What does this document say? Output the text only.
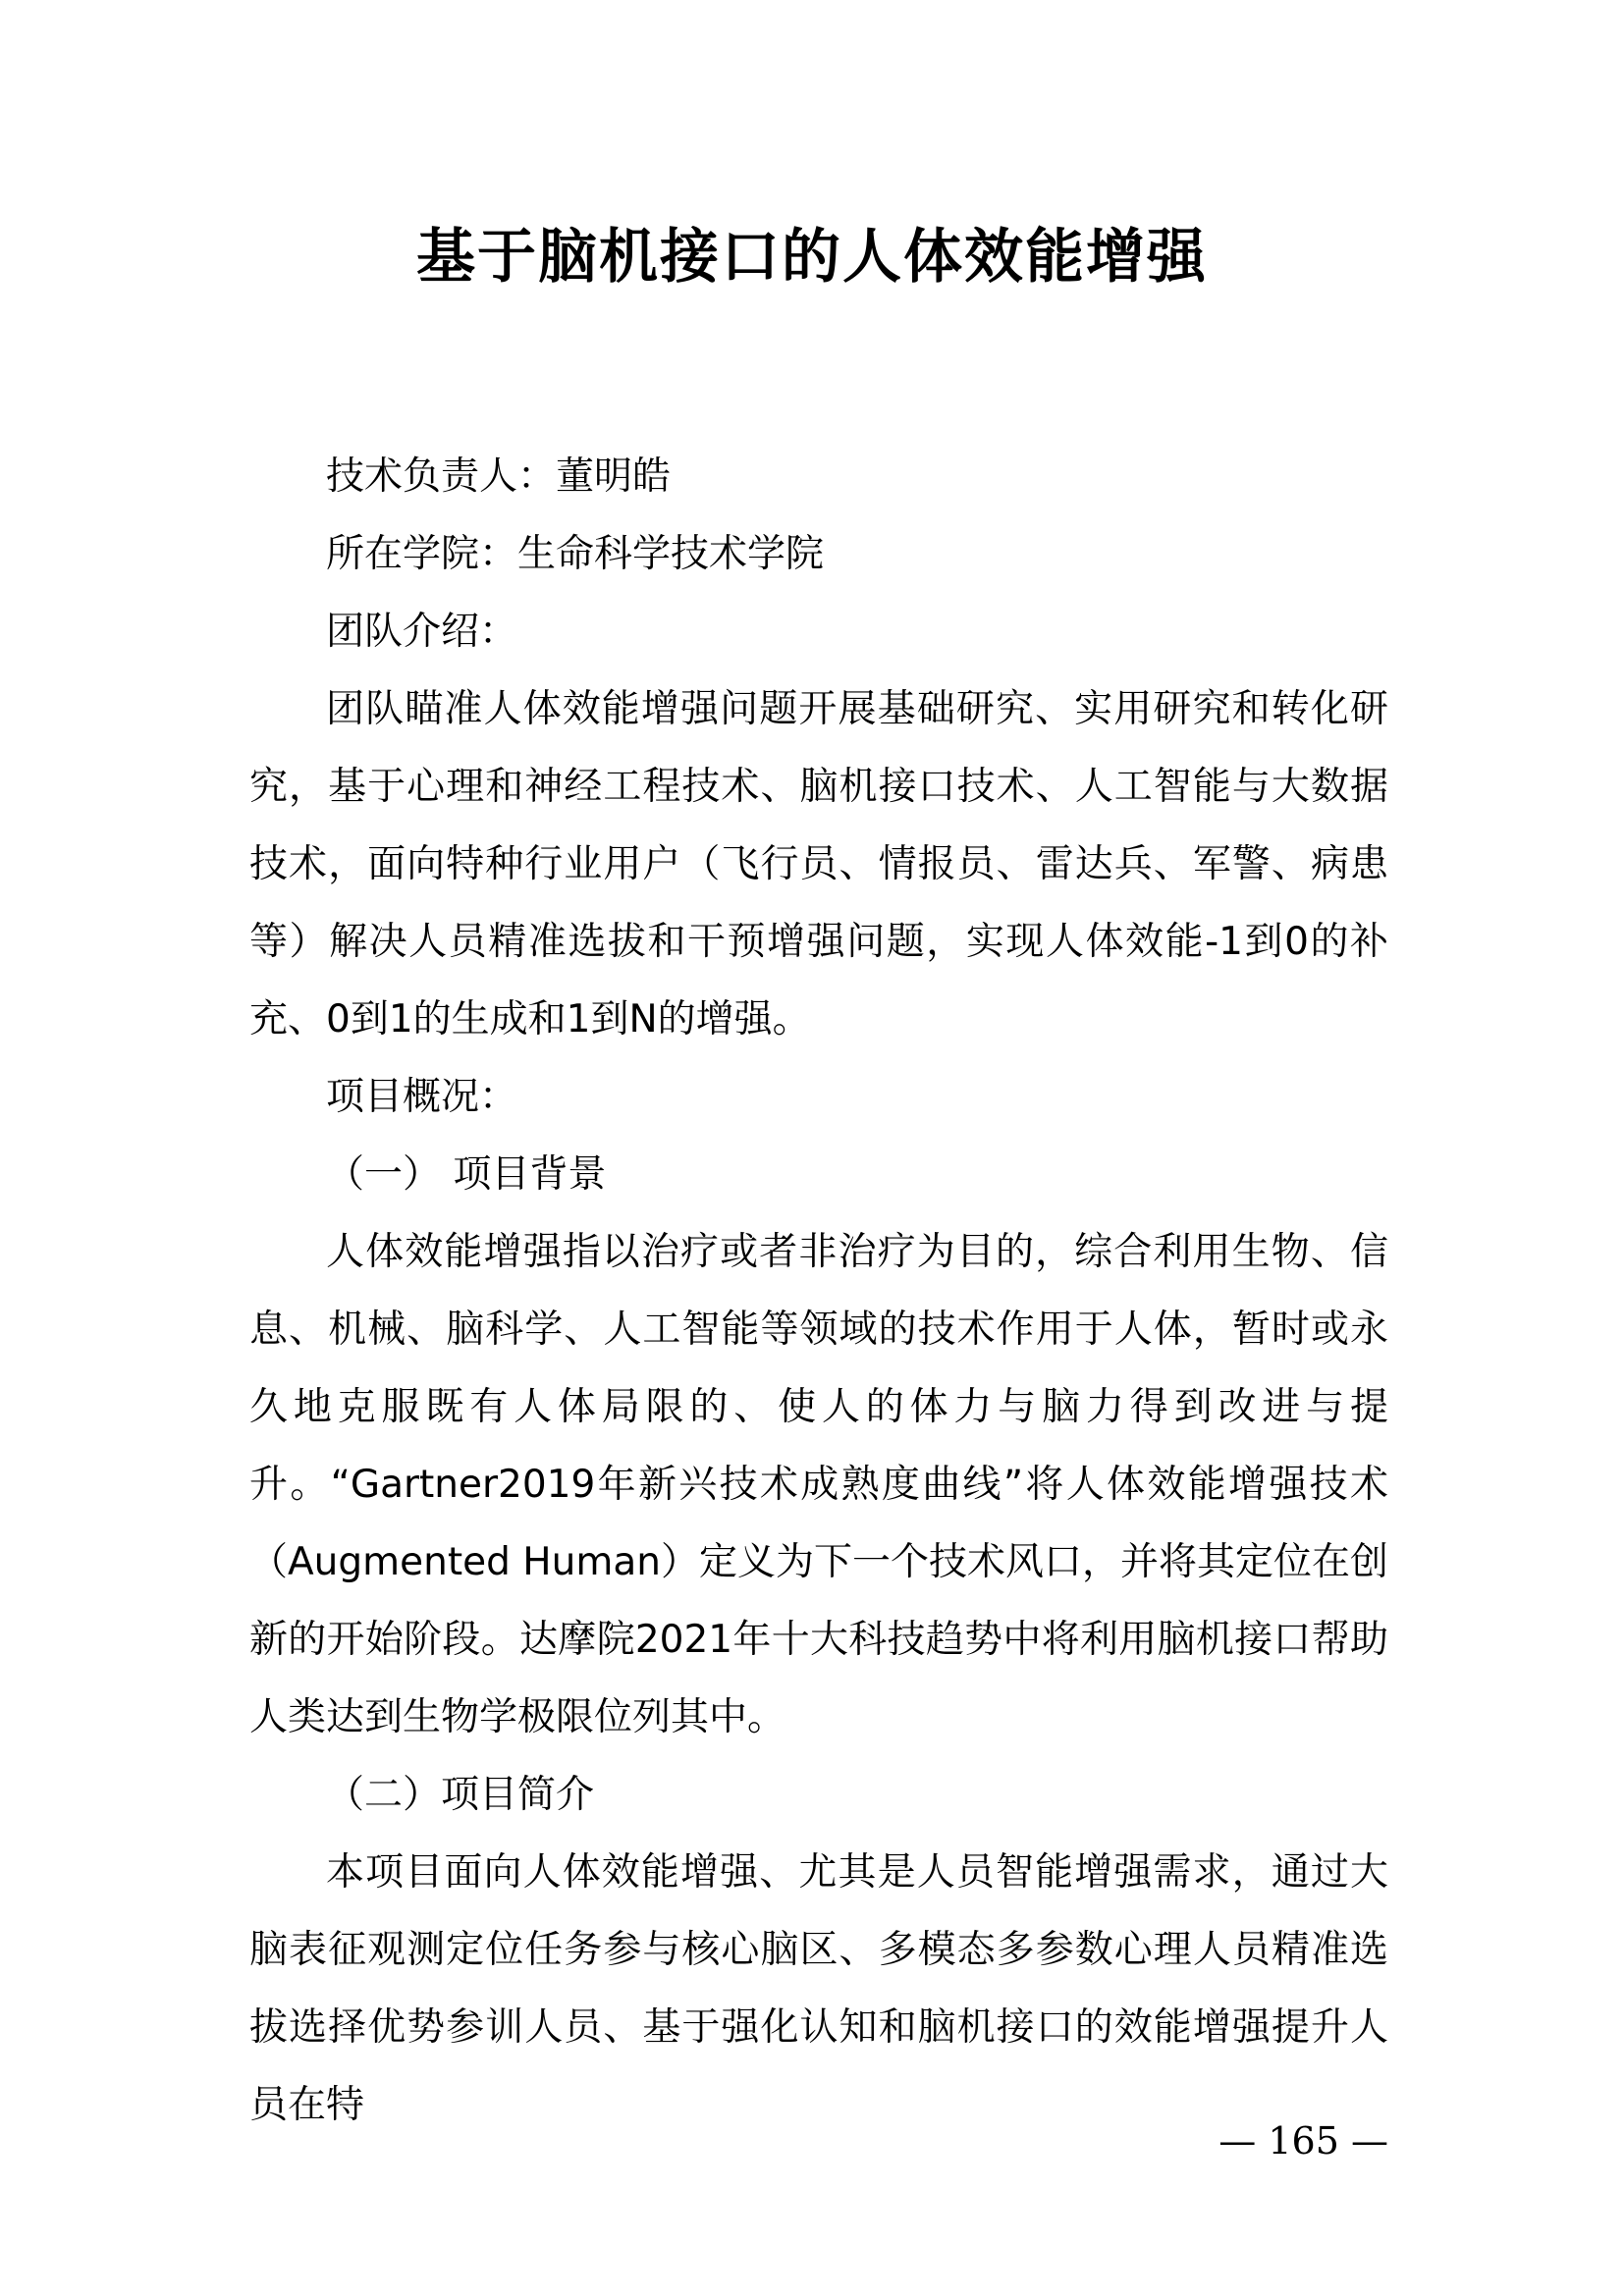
基于脑机接口的人体效能增强

技术负责人：董明皓

所在学院：生命科学技术学院

团队介绍：

团队瞄准人体效能增强问题开展基础研究、实用研究和转化研究，基于心理和神经工程技术、脑机接口技术、人工智能与大数据技术，面向特种行业用户（飞行员、情报员、雷达兵、军警、病患等）解决人员精准选拔和干预增强问题，实现人体效能-1到0的补充、0到1的生成和1到N的增强。

项目概况：

（一） 项目背景

人体效能增强指以治疗或者非治疗为目的，综合利用生物、信息、机械、脑科学、人工智能等领域的技术作用于人体，暂时或永久地克服既有人体局限的、使人的体力与脑力得到改进与提升。“Gartner2019年新兴技术成熟度曲线”将人体效能增强技术（Augmented Human）定义为下一个技术风口，并将其定位在创新的开始阶段。达摩院2021年十大科技趋势中将利用脑机接口帮助人类达到生物学极限位列其中。

（二）项目简介

本项目面向人体效能增强、尤其是人员智能增强需求，通过大脑表征观测定位任务参与核心脑区、多模态多参数心理人员精准选拔选择优势参训人员、基于强化认知和脑机接口的效能增强提升人员在特

— 165 —
